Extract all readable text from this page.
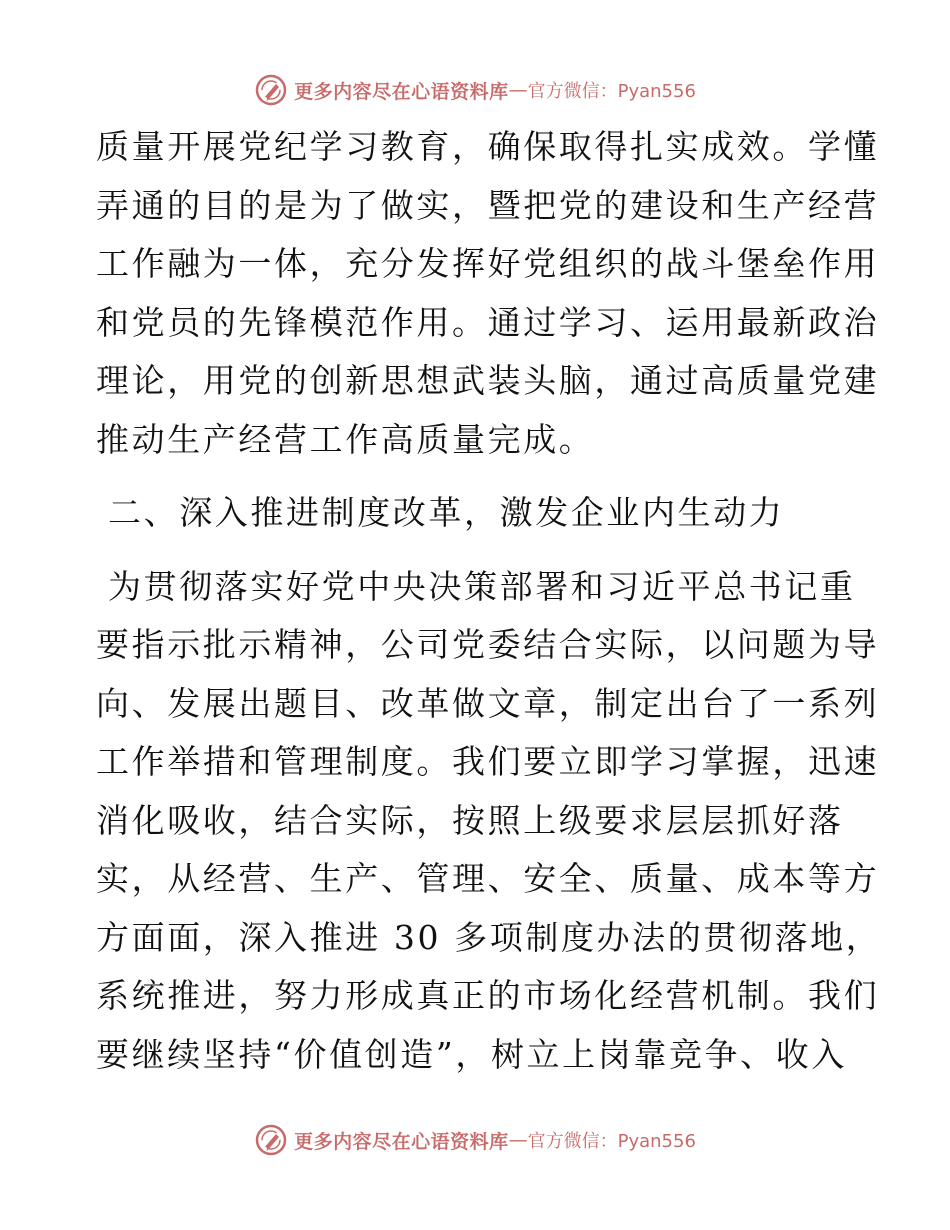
更多内容尽在心语资料库 — 官方微信：Pyan556
质量开展党纪学习教育，确保取得扎实成效。学懂
弄通的目的是为了做实，暨把党的建设和生产经营
工作融为一体，充分发挥好党组织的战斗堡垒作用
和党员的先锋模范作用。通过学习、运用最新政治
理论，用党的创新思想武装头脑，通过高质量党建
推动生产经营工作高质量完成。
二、深入推进制度改革，激发企业内生动力
为贯彻落实好党中央决策部署和习近平总书记重
要指示批示精神，公司党委结合实际，以问题为导
向、发展出题目、改革做文章，制定出台了一系列
工作举措和管理制度。我们要立即学习掌握，迅速
消化吸收，结合实际，按照上级要求层层抓好落
实，从经营、生产、管理、安全、质量、成本等方
方面面，深入推进 30 多项制度办法的贯彻落地，
系统推进，努力形成真正的市场化经营机制。我们
要继续坚持“价值创造”，树立上岗靠竞争、收入
更多内容尽在心语资料库 — 官方微信：Pyan556
